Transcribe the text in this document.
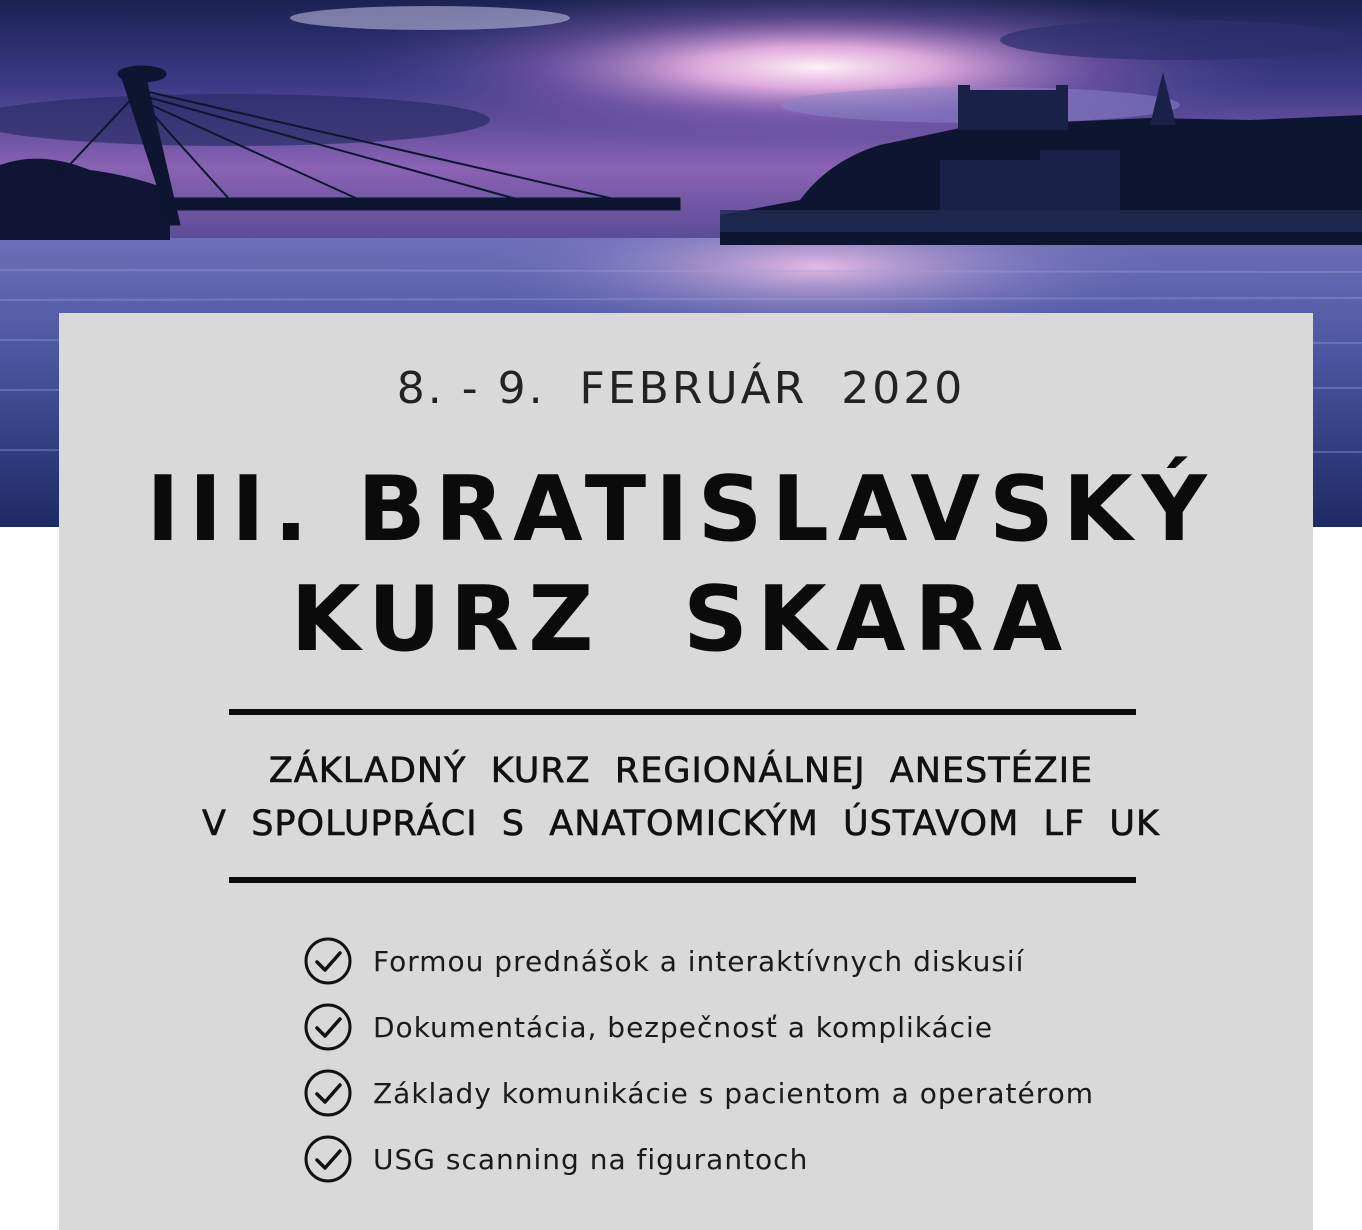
8. - 9.  FEBRUÁR  2020
III. BRATISLAVSKÝ
KURZ  SKARA
ZÁKLADNÝ  KURZ  REGIONÁLNEJ  ANESTÉZIE
V  SPOLUPRÁCI  S  ANATOMICKÝM  ÚSTAVOM  LF  UK
Formou prednášok a interaktívnych diskusií
Dokumentácia, bezpečnosť a komplikácie
Základy komunikácie s pacientom a operatérom
USG scanning na figurantoch
